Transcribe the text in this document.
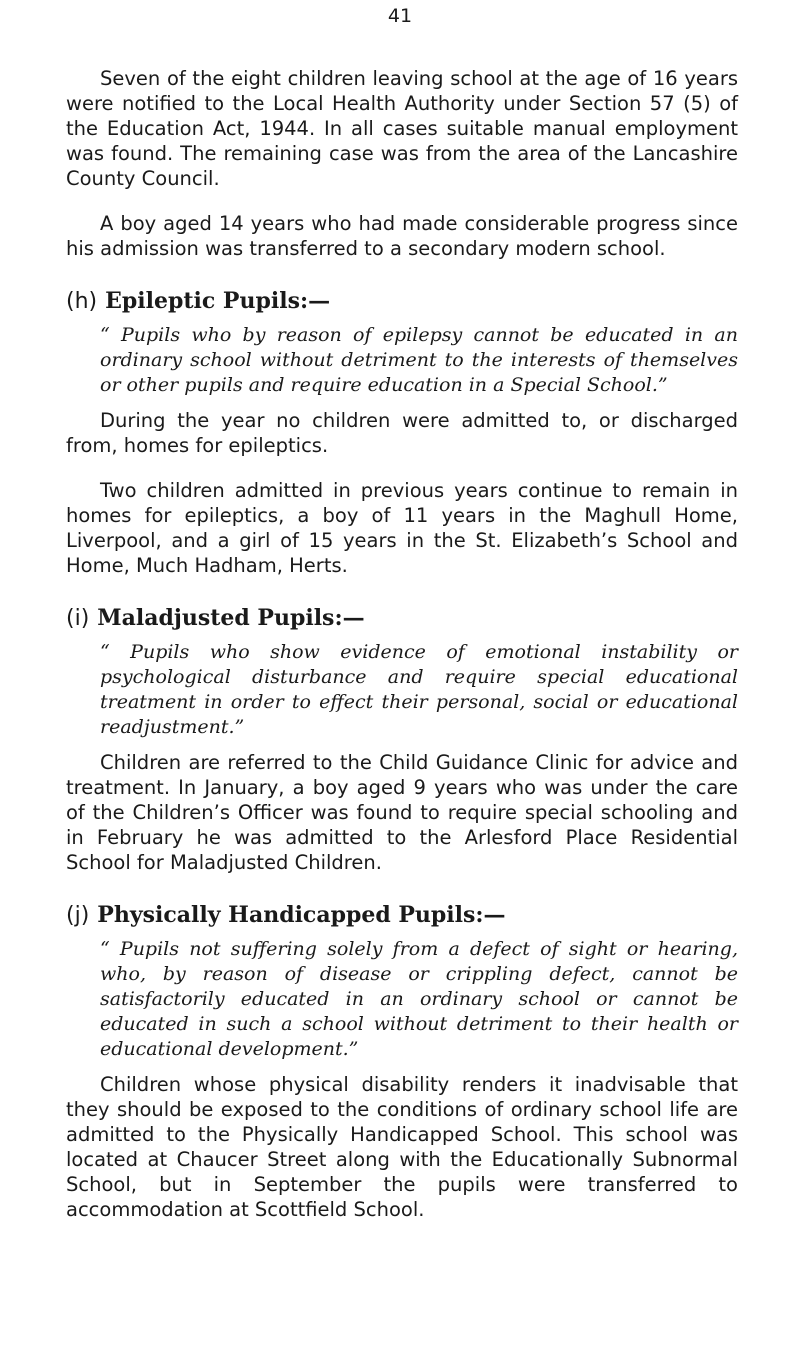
41

Seven of the eight children leaving school at the age of 16 years were notified to the Local Health Authority under Section 57 (5) of the Education Act, 1944. In all cases suitable manual employment was found. The remaining case was from the area of the Lancashire County Council.

A boy aged 14 years who had made considerable progress since his admission was transferred to a secondary modern school.

(h) Epileptic Pupils:—

“ Pupils who by reason of epilepsy cannot be educated in an ordinary school without detriment to the interests of themselves or other pupils and require education in a Special School.”

During the year no children were admitted to, or discharged from, homes for epileptics.

Two children admitted in previous years continue to remain in homes for epileptics, a boy of 11 years in the Maghull Home, Liverpool, and a girl of 15 years in the St. Elizabeth’s School and Home, Much Hadham, Herts.

(i) Maladjusted Pupils:—

“ Pupils who show evidence of emotional instability or psychological disturbance and require special educational treatment in order to effect their personal, social or educational readjustment.”

Children are referred to the Child Guidance Clinic for advice and treatment. In January, a boy aged 9 years who was under the care of the Children’s Officer was found to require special schooling and in February he was admitted to the Arlesford Place Residential School for Maladjusted Children.

(j) Physically Handicapped Pupils:—

“ Pupils not suffering solely from a defect of sight or hearing, who, by reason of disease or crippling defect, cannot be satisfactorily educated in an ordinary school or cannot be educated in such a school without detriment to their health or educational development.”

Children whose physical disability renders it inadvisable that they should be exposed to the conditions of ordinary school life are admitted to the Physically Handicapped School. This school was located at Chaucer Street along with the Educationally Subnormal School, but in September the pupils were transferred to accommodation at Scottfield School.
